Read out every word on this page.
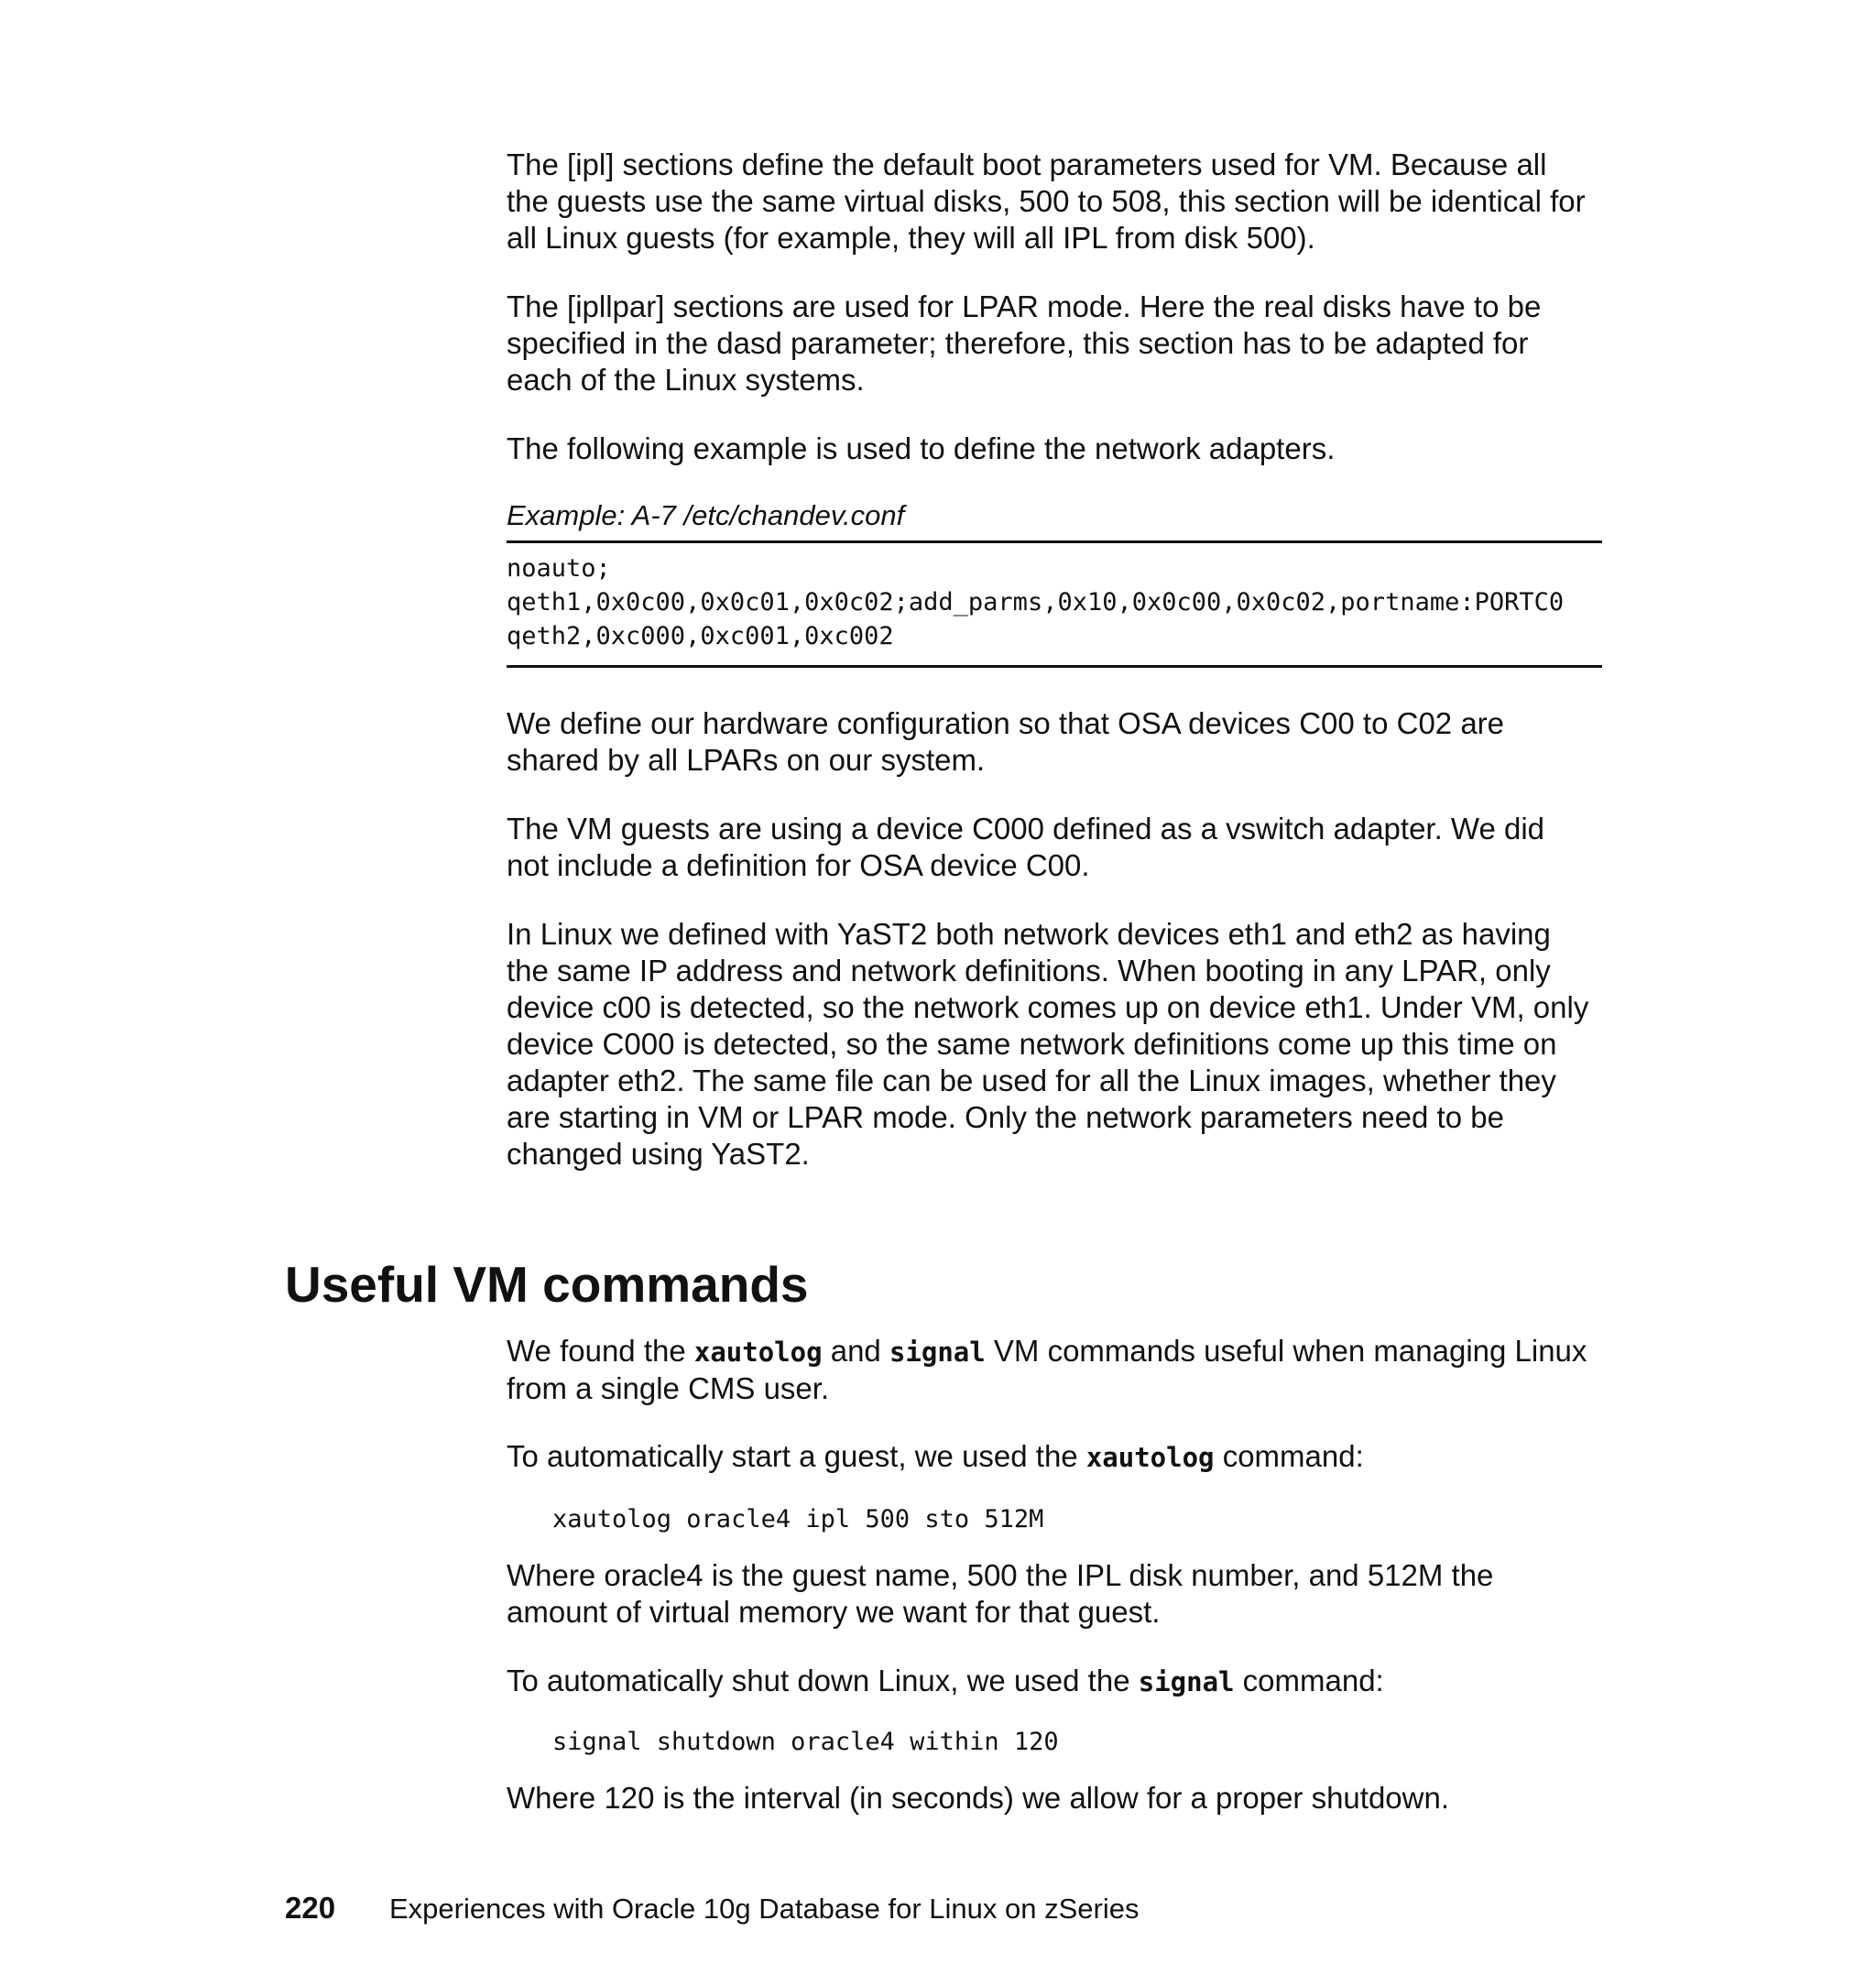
The [ipl] sections define the default boot parameters used for VM. Because all

the guests use the same virtual disks, 500 to 508, this section will be identical for

all Linux guests (for example, they will all IPL from disk 500).

The [ipllpar] sections are used for LPAR mode. Here the real disks have to be

specified in the dasd parameter; therefore, this section has to be adapted for

each of the Linux systems.

The following example is used to define the network adapters.

Example: A-7 /etc/chandev.conf

noauto;

qeth1,0x0c00,0x0c01,0x0c02;add_parms,0x10,0x0c00,0x0c02,portname:PORTC0

qeth2,0xc000,0xc001,0xc002

We define our hardware configuration so that OSA devices C00 to C02 are

shared by all LPARs on our system.

The VM guests are using a device C000 defined as a vswitch adapter. We did

not include a definition for OSA device C00.

In Linux we defined with YaST2 both network devices eth1 and eth2 as having

the same IP address and network definitions. When booting in any LPAR, only

device c00 is detected, so the network comes up on device eth1. Under VM, only

device C000 is detected, so the same network definitions come up this time on

adapter eth2. The same file can be used for all the Linux images, whether they

are starting in VM or LPAR mode. Only the network parameters need to be

changed using YaST2.

Useful VM commands

We found the xautolog and signal VM commands useful when managing Linux

from a single CMS user.

To automatically start a guest, we used the xautolog command:

xautolog oracle4 ipl 500 sto 512M

Where oracle4 is the guest name, 500 the IPL disk number, and 512M the

amount of virtual memory we want for that guest.

To automatically shut down Linux, we used the signal command:

signal shutdown oracle4 within 120

Where 120 is the interval (in seconds) we allow for a proper shutdown.

220 Experiences with Oracle 10g Database for Linux on zSeries
